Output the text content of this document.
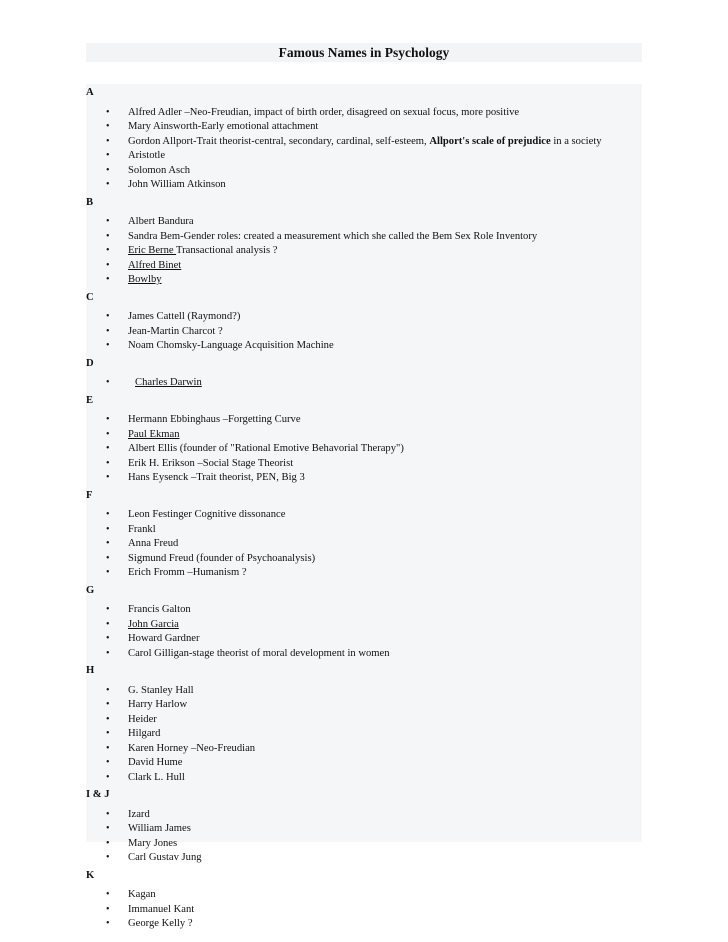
Famous Names in Psychology
A
• Alfred Adler –Neo-Freudian, impact of birth order, disagreed on sexual focus, more positive
• Mary Ainsworth-Early emotional attachment
• Gordon Allport-Trait theorist-central, secondary, cardinal, self-esteem, Allport's scale of prejudice in a society
• Aristotle
• Solomon Asch
• John William Atkinson
B
• Albert Bandura
• Sandra Bem-Gender roles: created a measurement which she called the Bem Sex Role Inventory
• Eric Berne Transactional analysis ?
• Alfred Binet
• Bowlby
C
• James Cattell (Raymond?)
• Jean-Martin Charcot ?
• Noam Chomsky-Language Acquisition Machine
D
• Charles Darwin
E
• Hermann Ebbinghaus –Forgetting Curve
• Paul Ekman
• Albert Ellis (founder of "Rational Emotive Behavorial Therapy")
• Erik H. Erikson –Social Stage Theorist
• Hans Eysenck –Trait theorist, PEN, Big 3
F
• Leon Festinger Cognitive dissonance
• Frankl
• Anna Freud
• Sigmund Freud (founder of Psychoanalysis)
• Erich Fromm –Humanism ?
G
• Francis Galton
• John Garcia
• Howard Gardner
• Carol Gilligan-stage theorist of moral development in women
H
• G. Stanley Hall
• Harry Harlow
• Heider
• Hilgard
• Karen Horney –Neo-Freudian
• David Hume
• Clark L. Hull
I & J
• Izard
• William James
• Mary Jones
• Carl Gustav Jung
K
• Kagan
• Immanuel Kant
• George Kelly ?
